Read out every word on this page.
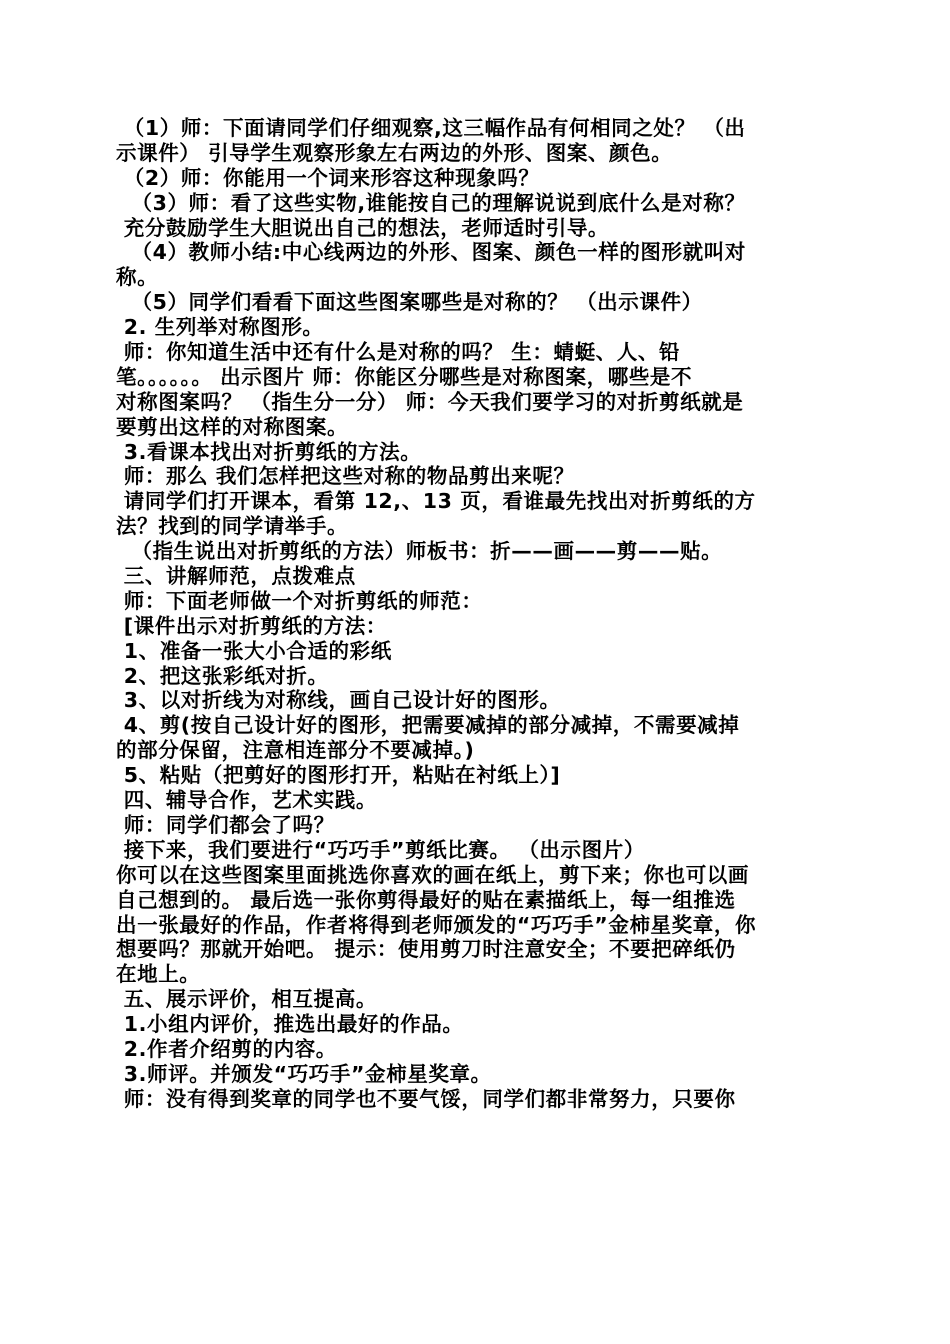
（1）师：下面请同学们仔细观察,这三幅作品有何相同之处？ （出
示课件） 引导学生观察形象左右两边的外形、图案、颜色。
（2）师：你能用一个词来形容这种现象吗？
（3）师：看了这些实物,谁能按自己的理解说说到底什么是对称？
充分鼓励学生大胆说出自己的想法，老师适时引导。
（4）教师小结:中心线两边的外形、图案、颜色一样的图形就叫对
称。
（5）同学们看看下面这些图案哪些是对称的？ （出示课件）
2. 生列举对称图形。
师：你知道生活中还有什么是对称的吗？ 生：蜻蜓、人、铅
笔。。。。。。 出示图片 师：你能区分哪些是对称图案，哪些是不
对称图案吗？ （指生分一分） 师：今天我们要学习的对折剪纸就是
要剪出这样的对称图案。
3.看课本找出对折剪纸的方法。
师：那么 我们怎样把这些对称的物品剪出来呢？
请同学们打开课本，看第 12,、13 页，看谁最先找出对折剪纸的方
法？找到的同学请举手。
（指生说出对折剪纸的方法）师板书：折——画——剪——贴。
三、讲解师范，点拨难点
师：下面老师做一个对折剪纸的师范：
[课件出示对折剪纸的方法：
1、准备一张大小合适的彩纸
2、把这张彩纸对折。
3、以对折线为对称线，画自己设计好的图形。
4、剪(按自己设计好的图形，把需要减掉的部分减掉，不需要减掉
的部分保留，注意相连部分不要减掉。)
5、粘贴（把剪好的图形打开，粘贴在衬纸上）]
四、辅导合作，艺术实践。
师：同学们都会了吗？
接下来，我们要进行“巧巧手”剪纸比赛。 （出示图片）
你可以在这些图案里面挑选你喜欢的画在纸上，剪下来；你也可以画
自己想到的。 最后选一张你剪得最好的贴在素描纸上，每一组推选
出一张最好的作品，作者将得到老师颁发的“巧巧手”金柿星奖章，你
想要吗？那就开始吧。 提示：使用剪刀时注意安全；不要把碎纸仍
在地上。
五、展示评价，相互提高。
1.小组内评价，推选出最好的作品。
2.作者介绍剪的内容。
3.师评。并颁发“巧巧手”金柿星奖章。
师：没有得到奖章的同学也不要气馁，同学们都非常努力，只要你
